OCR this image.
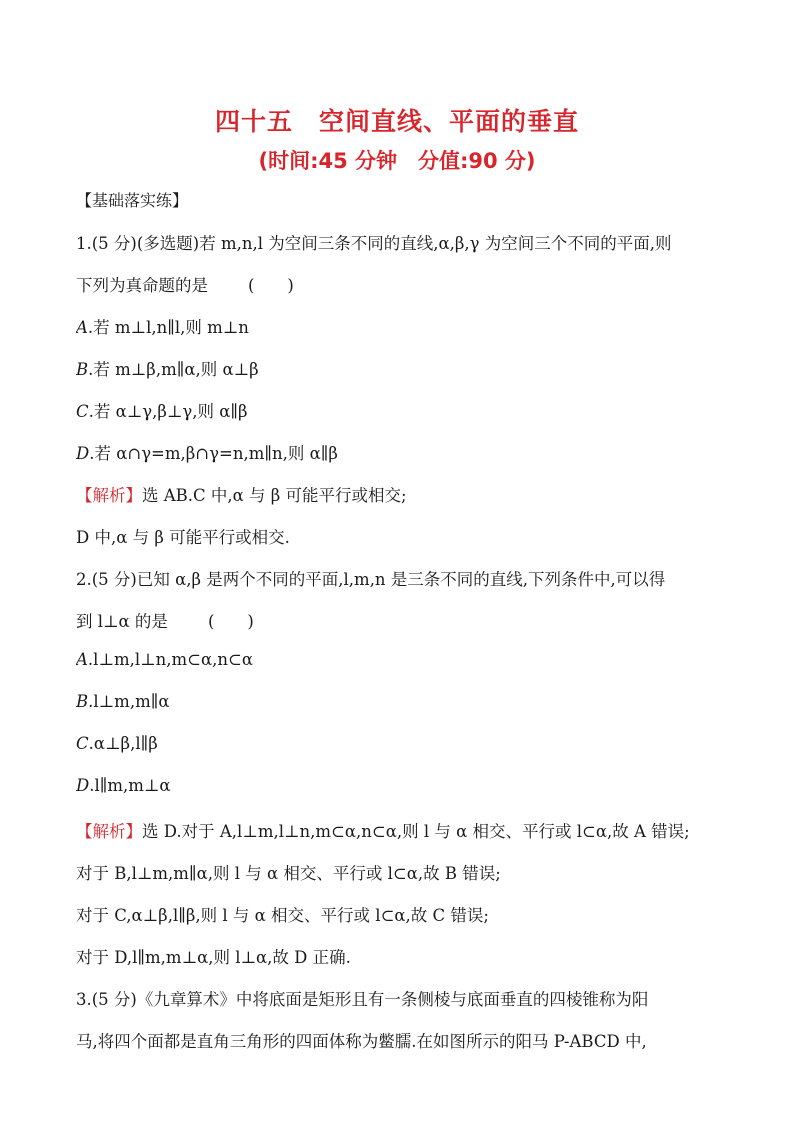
四十五　空间直线、平面的垂直
(时间:45 分钟　分值:90 分)
【基础落实练】
1.(5 分)(多选题)若 m,n,l 为空间三条不同的直线,α,β,γ 为空间三个不同的平面,则
下列为真命题的是 (　　)
A.若 m⊥l,n∥l,则 m⊥n
B.若 m⊥β,m∥α,则 α⊥β
C.若 α⊥γ,β⊥γ,则 α∥β
D.若 α∩γ=m,β∩γ=n,m∥n,则 α∥β
【解析】选 AB.C 中,α 与 β 可能平行或相交;
D 中,α 与 β 可能平行或相交.
2.(5 分)已知 α,β 是两个不同的平面,l,m,n 是三条不同的直线,下列条件中,可以得
到 l⊥α 的是 (　　)
A.l⊥m,l⊥n,m⊂α,n⊂α
B.l⊥m,m∥α
C.α⊥β,l∥β
D.l∥m,m⊥α
【解析】选 D.对于 A,l⊥m,l⊥n,m⊂α,n⊂α,则 l 与 α 相交、平行或 l⊂α,故 A 错误;
对于 B,l⊥m,m∥α,则 l 与 α 相交、平行或 l⊂α,故 B 错误;
对于 C,α⊥β,l∥β,则 l 与 α 相交、平行或 l⊂α,故 C 错误;
对于 D,l∥m,m⊥α,则 l⊥α,故 D 正确.
3.(5 分)《九章算术》中将底面是矩形且有一条侧棱与底面垂直的四棱锥称为阳
马,将四个面都是直角三角形的四面体称为鳖臑.在如图所示的阳马 P-ABCD 中,
